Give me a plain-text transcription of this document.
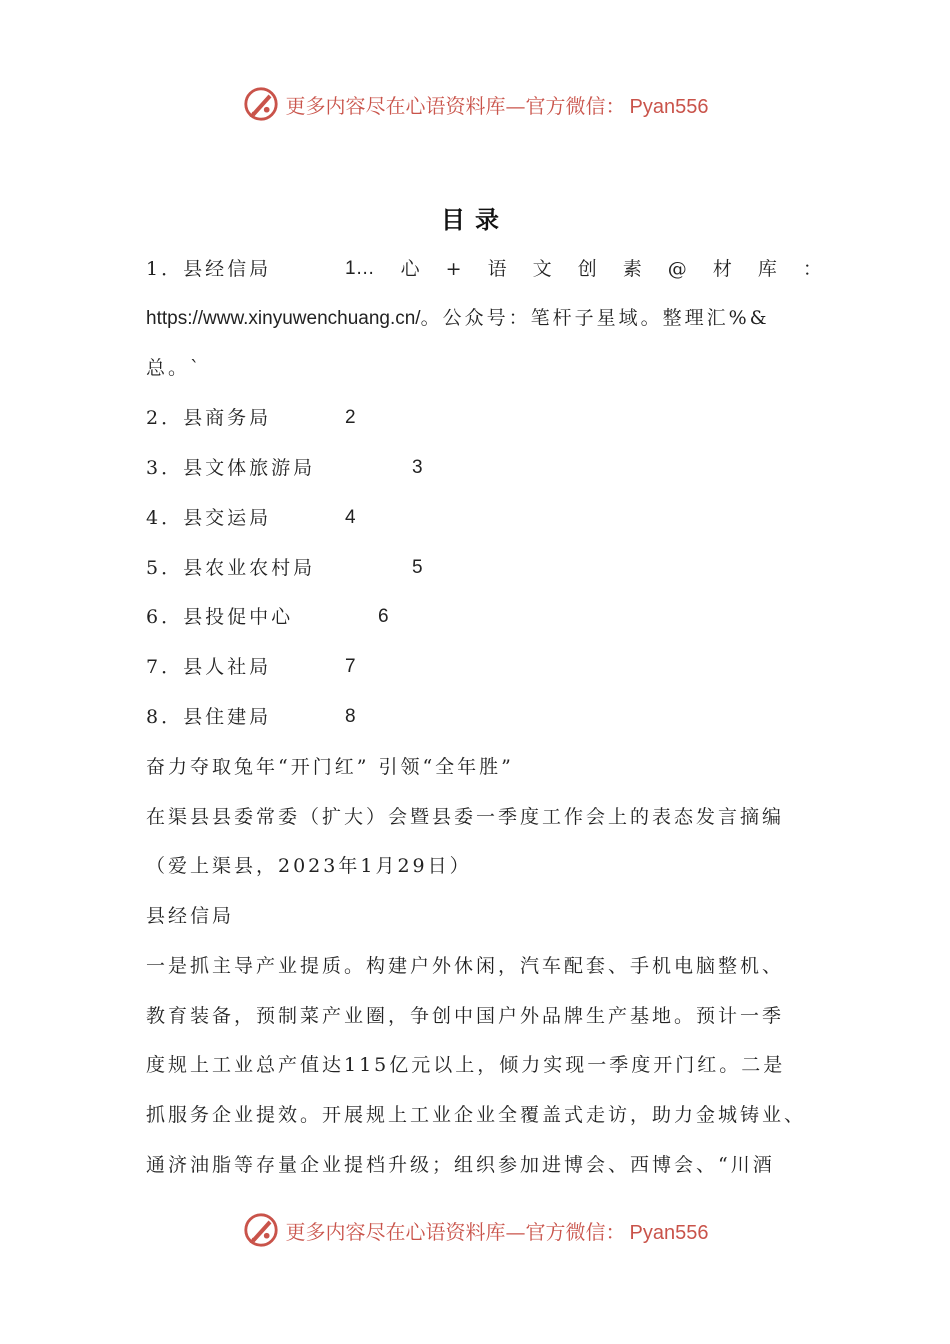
更多内容尽在心语资料库—官方微信： Pyan556
目录
1．县经信局	1… 心 + 语 文 创 素 @ 材 库 ：
https://www.xinyuwenchuang.cn/。公众号：笔杆子星域。整理汇%&
总。`
2．县商务局	2
3．县文体旅游局	3
4．县交运局	4
5．县农业农村局	5
6．县投促中心	6
7．县人社局	7
8．县住建局	8
奋力夺取兔年“开门红” 引领“全年胜”
在渠县县委常委（扩大）会暨县委一季度工作会上的表态发言摘编
（爱上渠县，2023年1月29日）
县经信局
一是抓主导产业提质。构建户外休闲，汽车配套、手机电脑整机、
教育装备，预制菜产业圈，争创中国户外品牌生产基地。预计一季
度规上工业总产值达115亿元以上，倾力实现一季度开门红。二是
抓服务企业提效。开展规上工业企业全覆盖式走访，助力金城铸业、
通济油脂等存量企业提档升级；组织参加进博会、西博会、“川酒
更多内容尽在心语资料库—官方微信： Pyan556
